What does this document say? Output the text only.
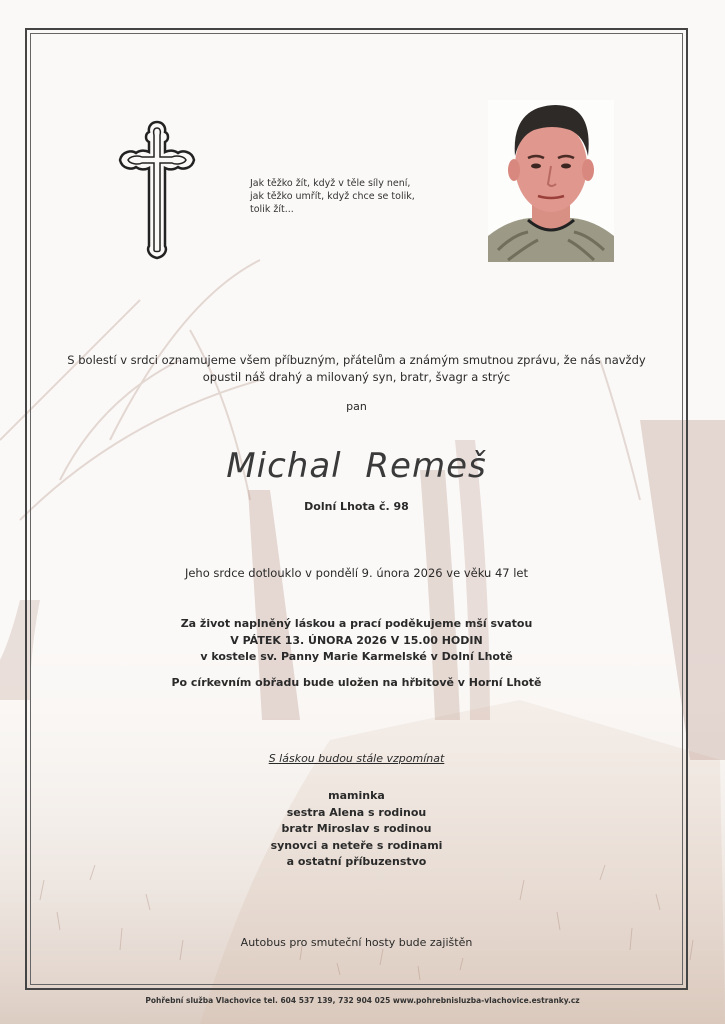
Jak těžko žít, když v těle síly není,
jak těžko umřít, když chce se tolik,
tolik žít...
S bolestí v srdci oznamujeme všem příbuzným, přátelům a známým smutnou zprávu, že nás navždy
opustil náš drahý a milovaný syn, bratr, švagr a strýc
pan
Michal Remeš
Dolní Lhota č. 98
Jeho srdce dotlouklo v pondělí 9. února 2026 ve věku 47 let
Za život naplněný láskou a prací poděkujeme mší svatou
V PÁTEK 13. ÚNORA 2026 V 15.00 HODIN
v kostele sv. Panny Marie Karmelské v Dolní Lhotě
Po církevním obřadu bude uložen na hřbitově v Horní Lhotě
S láskou budou stále vzpomínat
maminka
sestra Alena s rodinou
bratr Miroslav s rodinou
synovci a neteře s rodinami
a ostatní příbuzenstvo
Autobus pro smuteční hosty bude zajištěn
Pohřební služba Vlachovice tel. 604 537 139, 732 904 025 www.pohrebnisluzba-vlachovice.estranky.cz
